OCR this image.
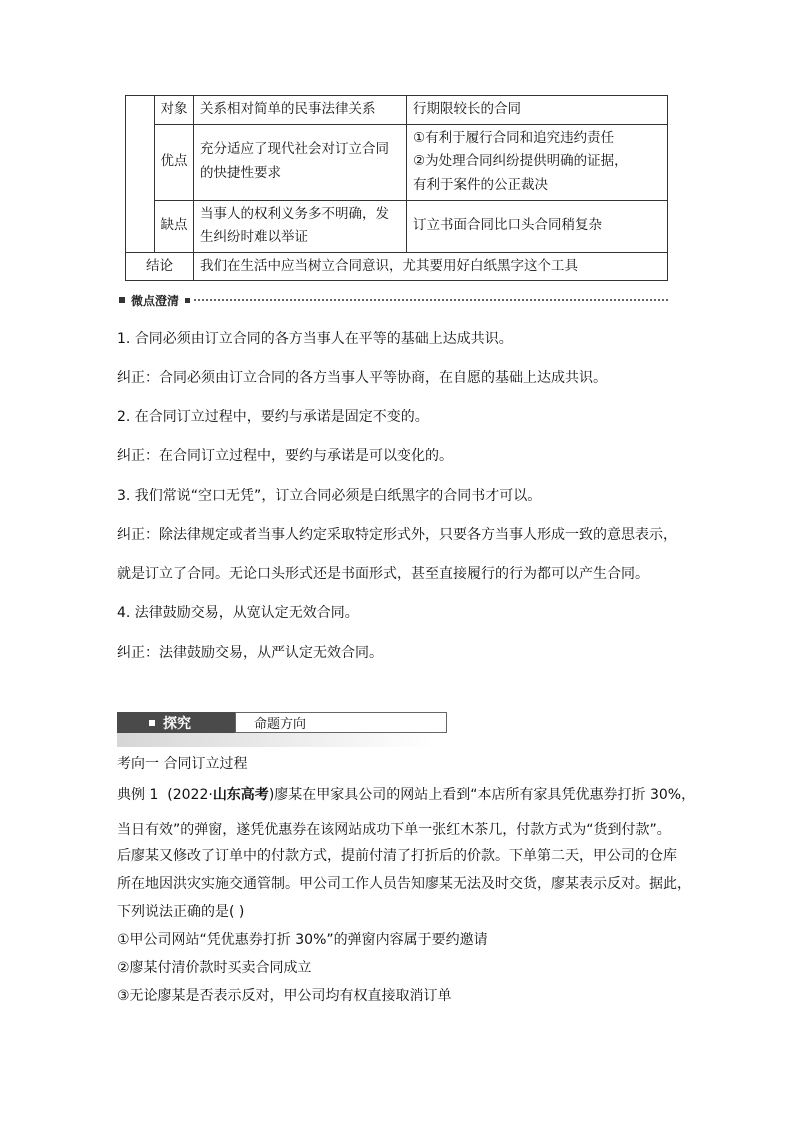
	对象	关系相对简单的民事法律关系	行期限较长的合同
	优点	充分适应了现代社会对订立合同的快捷性要求	①有利于履行合同和追究违约责任
②为处理合同纠纷提供明确的证据，
有利于案件的公正裁决

	缺点	当事人的权利义务多不明确，发生纠纷时难以举证	订立书面合同比口头合同稍复杂
结论		我们在生活中应当树立合同意识，尤其要用好白纸黑字这个工具	
微点澄清
1. 合同必须由订立合同的各方当事人在平等的基础上达成共识。
纠正：合同必须由订立合同的各方当事人平等协商，在自愿的基础上达成共识。
2. 在合同订立过程中，要约与承诺是固定不变的。
纠正：在合同订立过程中，要约与承诺是可以变化的。
3. 我们常说“空口无凭”，订立合同必须是白纸黑字的合同书才可以。
纠正：除法律规定或者当事人约定采取特定形式外，只要各方当事人形成一致的意思表示，
就是订立了合同。无论口头形式还是书面形式，甚至直接履行的行为都可以产生合同。
4. 法律鼓励交易，从宽认定无效合同。
纠正：法律鼓励交易，从严认定无效合同。
探究	命题方向
考向一 合同订立过程
典例 1 (2022·山东高考)廖某在甲家具公司的网站上看到“本店所有家具凭优惠券打折 30%，
当日有效”的弹窗，遂凭优惠券在该网站成功下单一张红木茶几，付款方式为“货到付款”。
后廖某又修改了订单中的付款方式，提前付清了打折后的价款。下单第二天，甲公司的仓库
所在地因洪灾实施交通管制。甲公司工作人员告知廖某无法及时交货，廖某表示反对。据此，
下列说法正确的是( )
①甲公司网站“凭优惠券打折 30%”的弹窗内容属于要约邀请
②廖某付清价款时买卖合同成立
③无论廖某是否表示反对，甲公司均有权直接取消订单
